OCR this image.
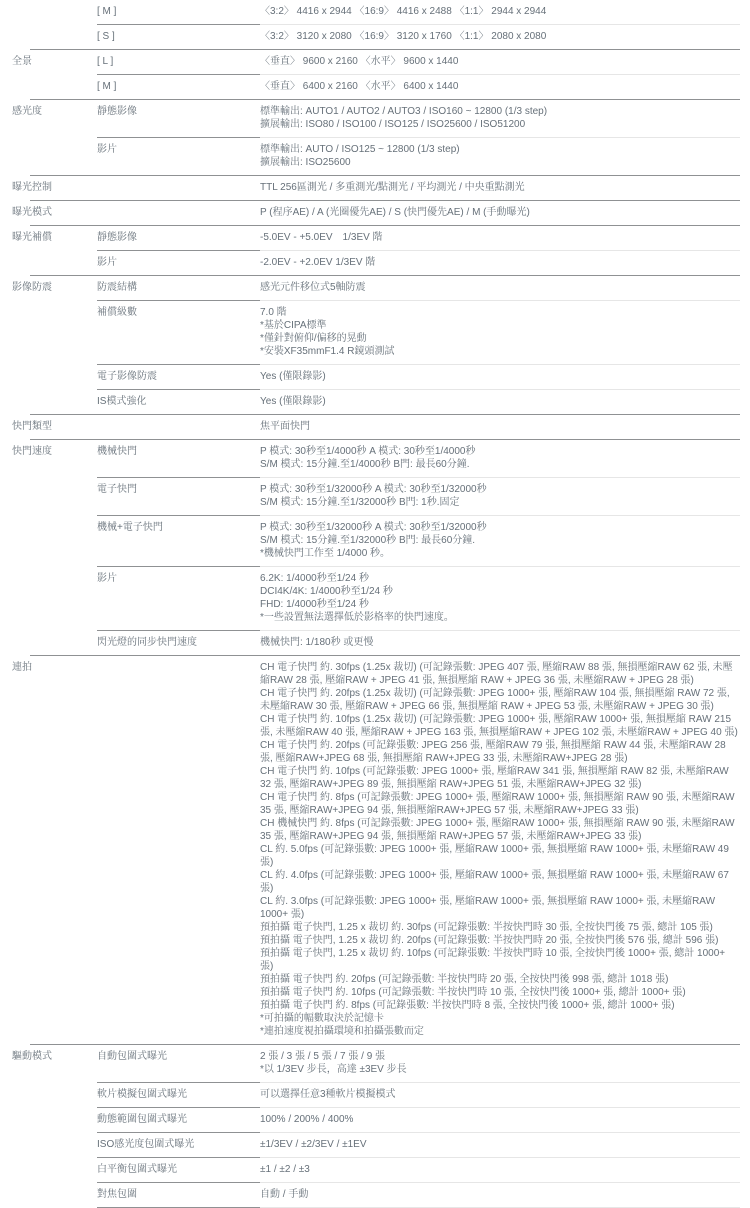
[ M ]	〈3:2〉 4416 x 2944 〈16:9〉 4416 x 2488 〈1:1〉 2944 x 2944
[ S ]	〈3:2〉 3120 x 2080 〈16:9〉 3120 x 1760 〈1:1〉 2080 x 2080
全景	[ L ]	〈垂直〉 9600 x 2160 〈水平〉 9600 x 1440
[ M ]	〈垂直〉 6400 x 2160 〈水平〉 6400 x 1440
感光度	靜態影像	標準輸出: AUTO1 / AUTO2 / AUTO3 / ISO160 ~ 12800 (1/3 step)
擴展輸出: ISO80 / ISO100 / ISO125 / ISO25600 / ISO51200
影片	標準輸出: AUTO / ISO125 ~ 12800 (1/3 step)
擴展輸出: ISO25600
曝光控制	TTL 256區測光 / 多重測光/點測光 / 平均測光 / 中央重點測光
曝光模式	P (程序AE) / A (光圈優先AE) / S (快門優先AE) / M (手動曝光)
曝光補償	靜態影像	-5.0EV - +5.0EV　1/3EV 階
影片	-2.0EV - +2.0EV 1/3EV 階
影像防震	防震結構	感光元件移位式5軸防震
補償級數	7.0 階
*基於CIPA標準
*僅針對俯仰/偏移的晃動
*安裝XF35mmF1.4 R鏡頭測試
電子影像防震	Yes (僅限錄影)
IS模式強化	Yes (僅限錄影)
快門類型	焦平面快門
快門速度	機械快門	P 模式: 30秒至1/4000秒 A 模式: 30秒至1/4000秒
S/M 模式: 15分鐘.至1/4000秒 B門: 最長60分鐘.
電子快門	P 模式: 30秒至1/32000秒 A 模式: 30秒至1/32000秒
S/M 模式: 15分鐘.至1/32000秒 B門: 1秒.固定
機械+電子快門	P 模式: 30秒至1/32000秒 A 模式: 30秒至1/32000秒
S/M 模式: 15分鐘.至1/32000秒 B門: 最長60分鐘.
*機械快門工作至 1/4000 秒。
影片	6.2K: 1/4000秒至1/24 秒
DCI4K/4K: 1/4000秒至1/24 秒
FHD: 1/4000秒至1/24 秒
*一些設置無法選擇低於影格率的快門速度。
閃光燈的同步快門速度	機械快門: 1/180秒 或更慢
連拍	CH 電子快門 約. 30fps (1.25x 裁切) (可記錄張數: JPEG 407 張, 壓縮RAW 88 張, 無損壓縮RAW 62 張, 未壓縮RAW 28 張, 壓縮RAW + JPEG 41 張, 無損壓縮 RAW + JPEG 36 張, 未壓縮RAW + JPEG 28 張)
CH 電子快門 約. 20fps (1.25x 裁切) (可記錄張數: JPEG 1000+ 張, 壓縮RAW 104 張, 無損壓縮 RAW 72 張, 未壓縮RAW 30 張, 壓縮RAW + JPEG 66 張, 無損壓縮 RAW + JPEG 53 張, 未壓縮RAW + JPEG 30 張)
CH 電子快門 約. 10fps (1.25x 裁切) (可記錄張數: JPEG 1000+ 張, 壓縮RAW 1000+ 張, 無損壓縮 RAW 215 張, 未壓縮RAW 40 張, 壓縮RAW + JPEG 163 張, 無損壓縮RAW + JPEG 102 張, 未壓縮RAW + JPEG 40 張)
CH 電子快門 約. 20fps (可記錄張數: JPEG 256 張, 壓縮RAW 79 張, 無損壓縮 RAW 44 張, 未壓縮RAW 28 張, 壓縮RAW+JPEG 68 張, 無損壓縮 RAW+JPEG 33 張, 未壓縮RAW+JPEG 28 張)
CH 電子快門 約. 10fps (可記錄張數: JPEG 1000+ 張, 壓縮RAW 341 張, 無損壓縮 RAW 82 張, 未壓縮RAW 32 張, 壓縮RAW+JPEG 89 張, 無損壓縮 RAW+JPEG 51 張, 未壓縮RAW+JPEG 32 張)
CH 電子快門 約. 8fps (可記錄張數: JPEG 1000+ 張, 壓縮RAW 1000+ 張, 無損壓縮 RAW 90 張, 未壓縮RAW 35 張, 壓縮RAW+JPEG 94 張, 無損壓縮RAW+JPEG 57 張, 未壓縮RAW+JPEG 33 張)
CH 機械快門 約. 8fps (可記錄張數: JPEG 1000+ 張, 壓縮RAW 1000+ 張, 無損壓縮 RAW 90 張, 未壓縮RAW 35 張, 壓縮RAW+JPEG 94 張, 無損壓縮 RAW+JPEG 57 張, 未壓縮RAW+JPEG 33 張)
CL 約. 5.0fps (可記錄張數: JPEG 1000+ 張, 壓縮RAW 1000+ 張, 無損壓縮 RAW 1000+ 張, 未壓縮RAW 49 張)
CL 約. 4.0fps (可記錄張數: JPEG 1000+ 張, 壓縮RAW 1000+ 張, 無損壓縮 RAW 1000+ 張, 未壓縮RAW 67 張)
CL 約. 3.0fps (可記錄張數: JPEG 1000+ 張, 壓縮RAW 1000+ 張, 無損壓縮 RAW 1000+ 張, 未壓縮RAW 1000+ 張)
預拍攝 電子快門, 1.25 x 裁切 約. 30fps (可記錄張數: 半按快門時 30 張, 全按快門後 75 張, 總計 105 張)
預拍攝 電子快門, 1.25 x 裁切 約. 20fps (可記錄張數: 半按快門時 20 張, 全按快門後 576 張, 總計 596 張)
預拍攝 電子快門, 1.25 x 裁切 約. 10fps (可記錄張數: 半按快門時 10 張, 全按快門後 1000+ 張, 總計 1000+ 張)
預拍攝 電子快門 約. 20fps (可記錄張數: 半按快門時 20 張, 全按快門後 998 張, 總計 1018 張)
預拍攝 電子快門 約. 10fps (可記錄張數: 半按快門時 10 張, 全按快門後 1000+ 張, 總計 1000+ 張)
預拍攝 電子快門 約. 8fps (可記錄張數: 半按快門時 8 張, 全按快門後 1000+ 張, 總計 1000+ 張)
*可拍攝的幅數取決於記憶卡
*連拍速度視拍攝環境和拍攝張數而定
驅動模式	自動包圍式曝光	2 張 / 3 張 / 5 張 / 7 張 / 9 張
*以 1/3EV 步長，高達 ±3EV 步長
軟片模擬包圍式曝光	可以選擇任意3種軟片模擬模式
動態範圍包圍式曝光	100% / 200% / 400%
ISO感光度包圍式曝光	±1/3EV / ±2/3EV / ±1EV
白平衡包圍式曝光	±1 / ±2 / ±3
對焦包圍	自動 / 手動
